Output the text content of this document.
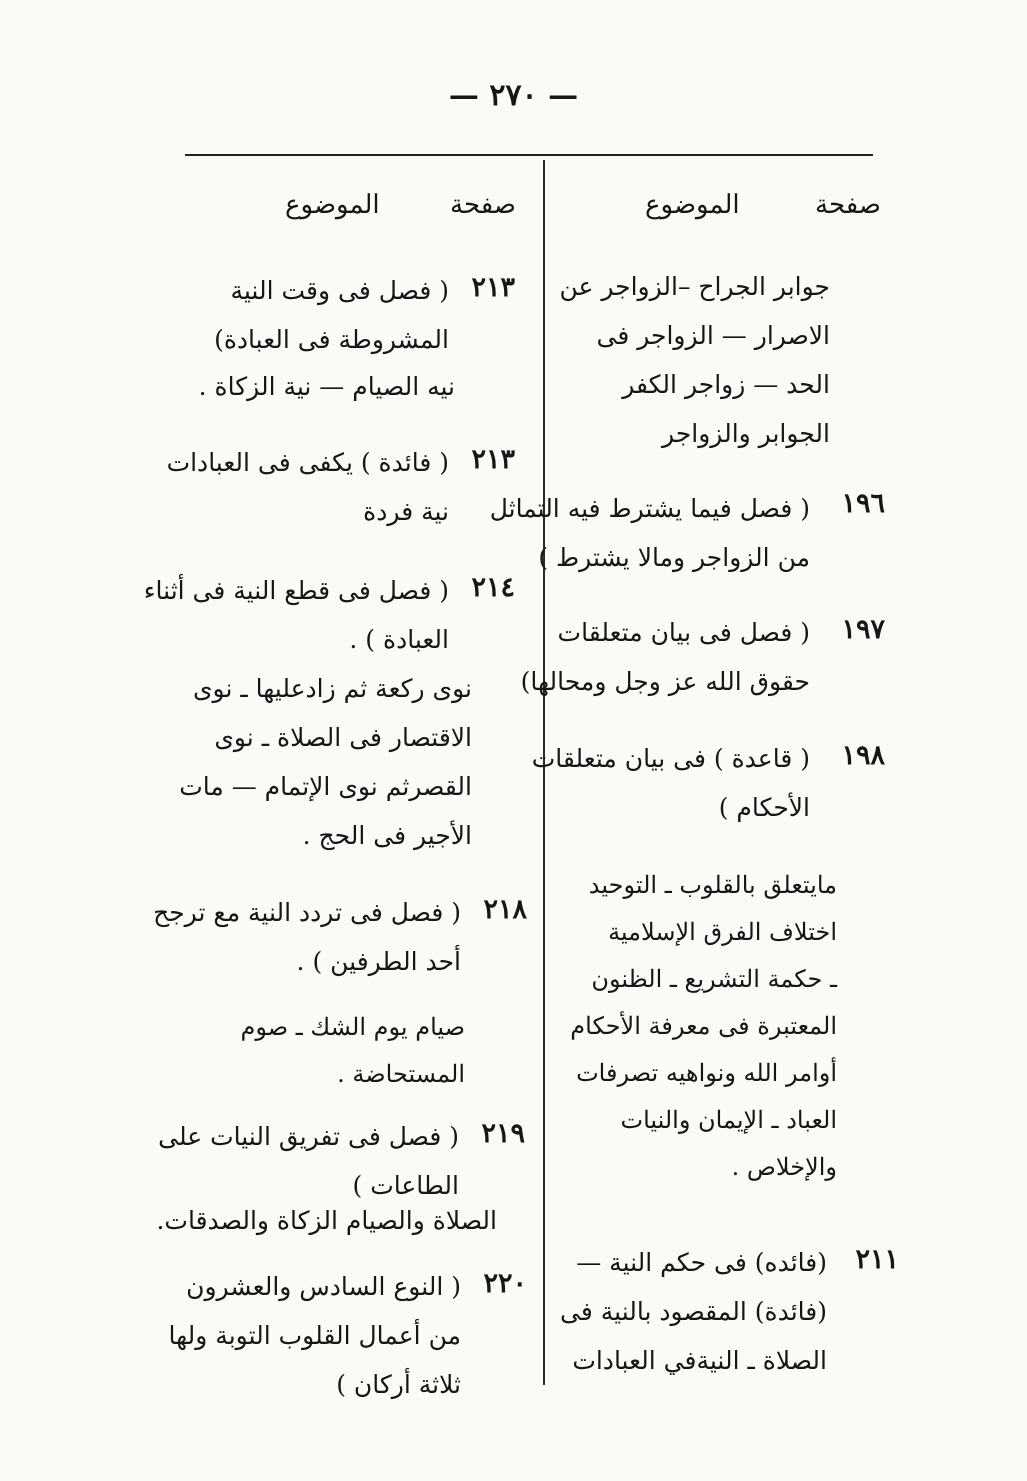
— ٢٧٠ —
صفحة
الموضوع
صفحة
الموضوع
جوابر الجراح –الزواجر عن
الاصرار — الزواجر فى
الحد — زواجر الكفر
الجوابر والزواجر
١٩٦
( فصل فيما يشترط فيه التماثل
من الزواجر ومالا يشترط )
١٩٧
( فصل فى بيان متعلقات
حقوق الله عز وجل ومحالها)
١٩٨
( قاعدة ) فى بيان متعلقات
الأحكام )
مايتعلق بالقلوب ـ التوحيد
اختلاف الفرق الإسلامية
ـ حكمة التشريع ـ الظنون
المعتبرة فى معرفة الأحكام
أوامر الله ونواهيه تصرفات
العباد ـ الإيمان والنيات
والإخلاص .
٢١١
(فائده) فى حكم النية —
(فائدة) المقصود بالنية فى
الصلاة ـ النيةفي العبادات
٢١٣
( فصل فى وقت النية
المشروطة فى العبادة)
نيه الصيام — نية الزكاة .
٢١٣
( فائدة ) يكفى فى العبادات
نية فردة
٢١٤
( فصل فى قطع النية فى أثناء
العبادة ) .
نوى ركعة ثم زادعليها ـ نوى
الاقتصار فى الصلاة ـ نوى
القصرثم نوى الإتمام — مات
الأجير فى الحج .
٢١٨
( فصل فى تردد النية مع ترجح
أحد الطرفين ) .
صيام يوم الشك ـ صوم
المستحاضة .
٢١٩
( فصل فى تفريق النيات على
الطاعات )
الصلاة والصيام الزكاة والصدقات.
٢٢٠
( النوع السادس والعشرون
من أعمال القلوب التوبة ولها
ثلاثة أركان )
